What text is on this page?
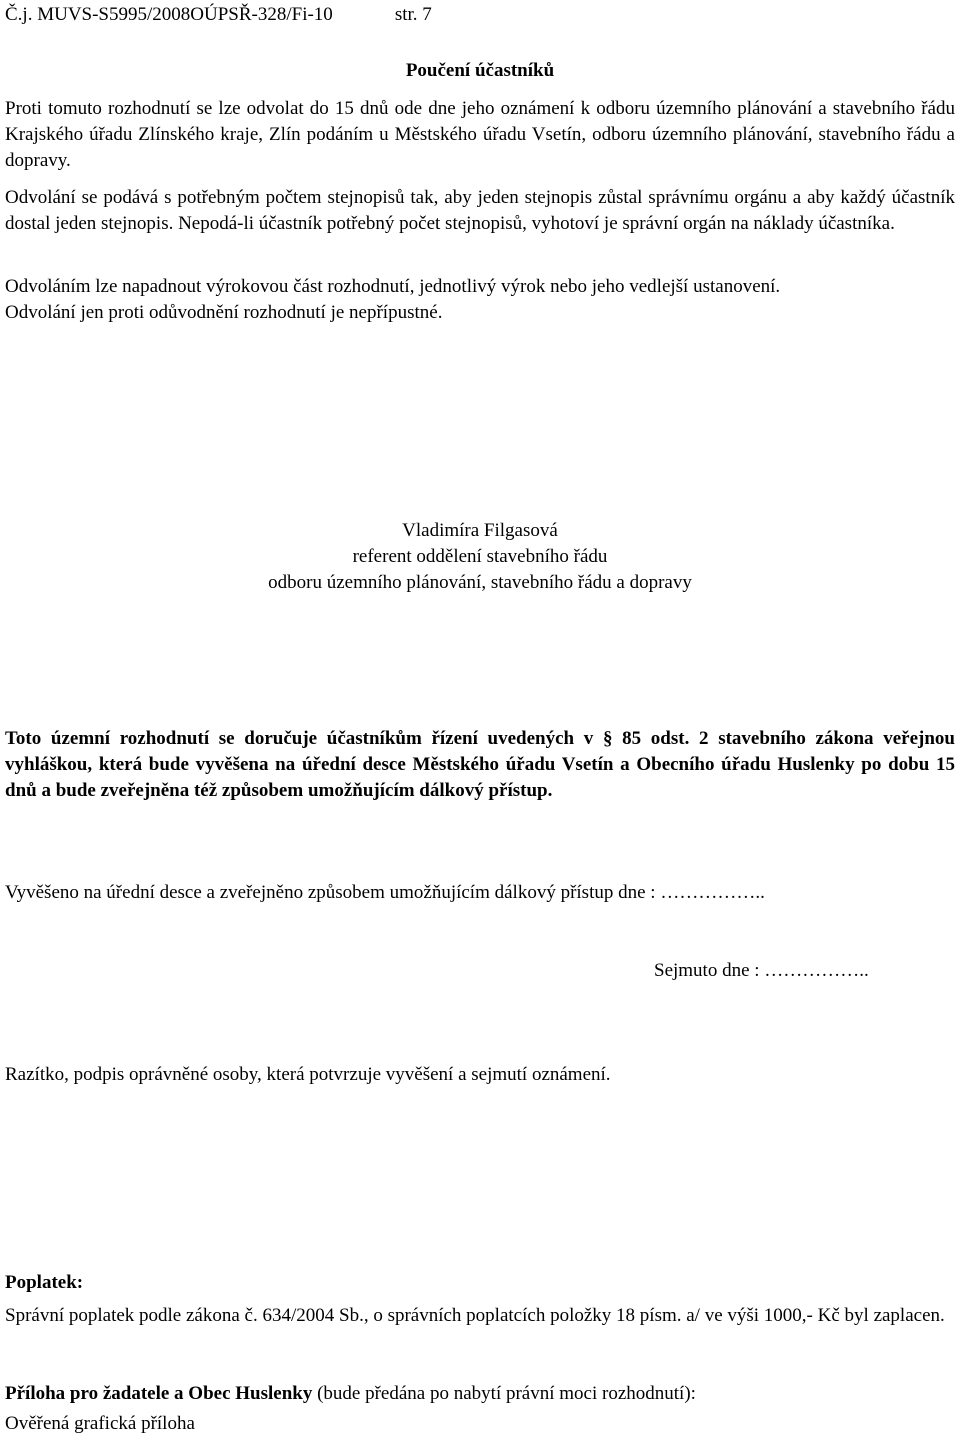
Č.j. MUVS-S5995/2008OÚPSŘ-328/Fi-10	str. 7

Poučení účastníků

Proti tomuto rozhodnutí se lze odvolat do 15 dnů ode dne jeho oznámení k odboru územního plánování a stavebního řádu Krajského úřadu Zlínského kraje, Zlín podáním u Městského úřadu Vsetín, odboru územního plánování, stavebního řádu a dopravy.

Odvolání se podává s potřebným počtem stejnopisů tak, aby jeden stejnopis zůstal správnímu orgánu a aby každý účastník dostal jeden stejnopis. Nepodá-li účastník potřebný počet stejnopisů, vyhotoví je správní orgán na náklady účastníka.

Odvoláním lze napadnout výrokovou část rozhodnutí, jednotlivý výrok nebo jeho vedlejší ustanovení.

Odvolání jen proti odůvodnění rozhodnutí je nepřípustné.

Vladimíra Filgasová

referent oddělení stavebního řádu

odboru územního plánování, stavebního řádu a dopravy

Toto územní rozhodnutí se doručuje účastníkům řízení uvedených v § 85 odst. 2 stavebního zákona veřejnou vyhláškou, která bude vyvěšena na úřední desce Městského úřadu Vsetín a Obecního úřadu Huslenky po dobu 15 dnů a bude zveřejněna též způsobem umožňujícím dálkový přístup.

Vyvěšeno na úřední desce a zveřejněno způsobem umožňujícím dálkový přístup dne : ……………..

Sejmuto dne : ……………..

Razítko, podpis oprávněné osoby, která potvrzuje vyvěšení a sejmutí oznámení.

Poplatek:

Správní poplatek podle zákona č. 634/2004 Sb., o správních poplatcích položky 18 písm. a/ ve výši 1000,- Kč byl zaplacen.

Příloha pro žadatele a Obec Huslenky (bude předána po nabytí právní moci rozhodnutí):

Ověřená grafická příloha
